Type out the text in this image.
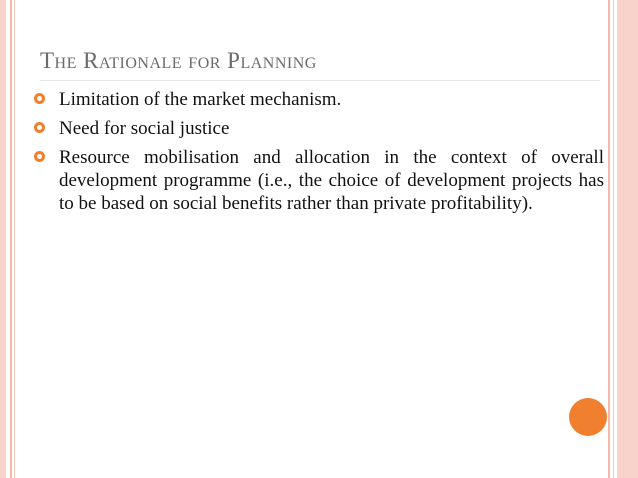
The Rationale for Planning
Limitation of the market mechanism.
Need for social justice
Resource mobilisation and allocation in the context of overall development programme (i.e., the choice of development projects has to be based on social benefits rather than private profitability).
